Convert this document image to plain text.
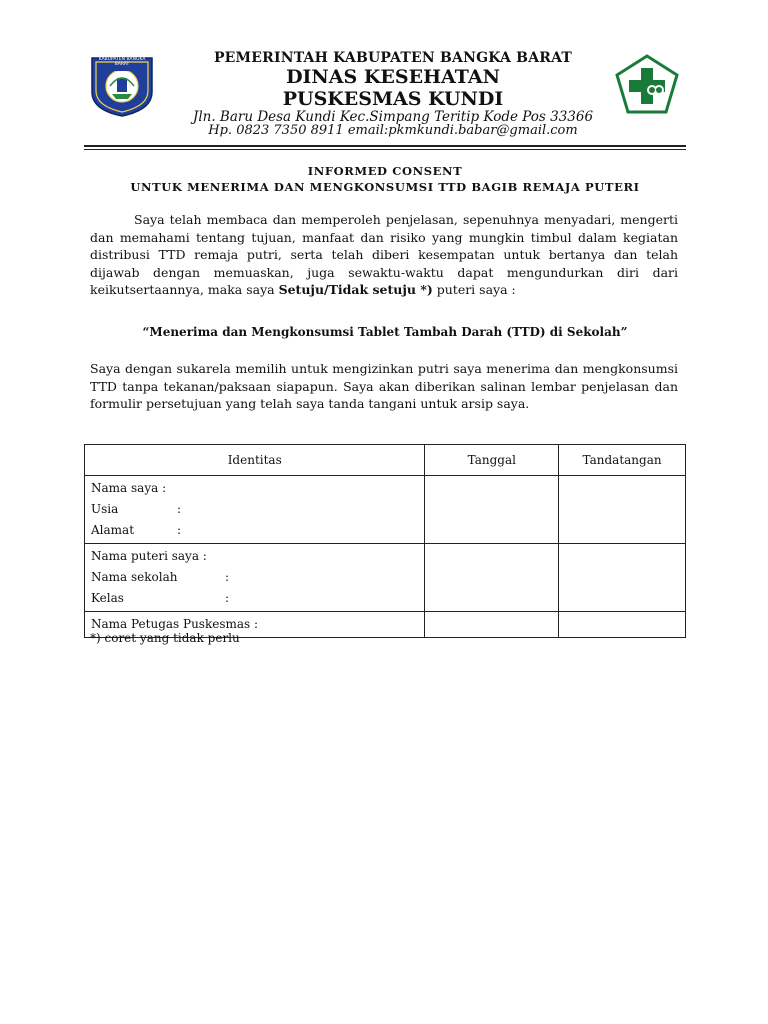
KABUPATEN BANGKA BARAT	PEMERINTAH KABUPATEN BANGKA BARAT
DINAS KESEHATAN
PUSKESMAS KUNDI
Jln. Baru Desa Kundi Kec.Simpang Teritip Kode Pos 33366
Hp. 0823 7350 8911 email:pkmkundi.babar@gmail.com
INFORMED CONSENT
UNTUK MENERIMA DAN MENGKONSUMSI TTD BAGIB REMAJA PUTERI
Saya telah membaca dan memperoleh penjelasan, sepenuhnya menyadari, mengerti dan memahami tentang tujuan, manfaat dan risiko yang mungkin timbul dalam kegiatan distribusi TTD remaja putri, serta telah diberi kesempatan untuk bertanya dan telah dijawab dengan memuaskan, juga sewaktu-waktu dapat mengundurkan diri dari keikutsertaannya, maka saya Setuju/Tidak setuju *) puteri saya :
“Menerima dan Mengkonsumsi Tablet Tambah Darah (TTD) di Sekolah”
Saya dengan sukarela memilih untuk mengizinkan putri saya menerima dan mengkonsumsi TTD tanpa tekanan/paksaan siapapun. Saya akan diberikan salinan lembar penjelasan dan formulir persetujuan yang telah saya tanda tangani untuk arsip saya.
Identitas	Tanggal	Tandatangan

Nama saya :
Usia :
Alamat :		

Nama puteri saya :
Nama sekolah :
Kelas :		

Nama Petugas Puskesmas :		

*) coret yang tidak perlu
